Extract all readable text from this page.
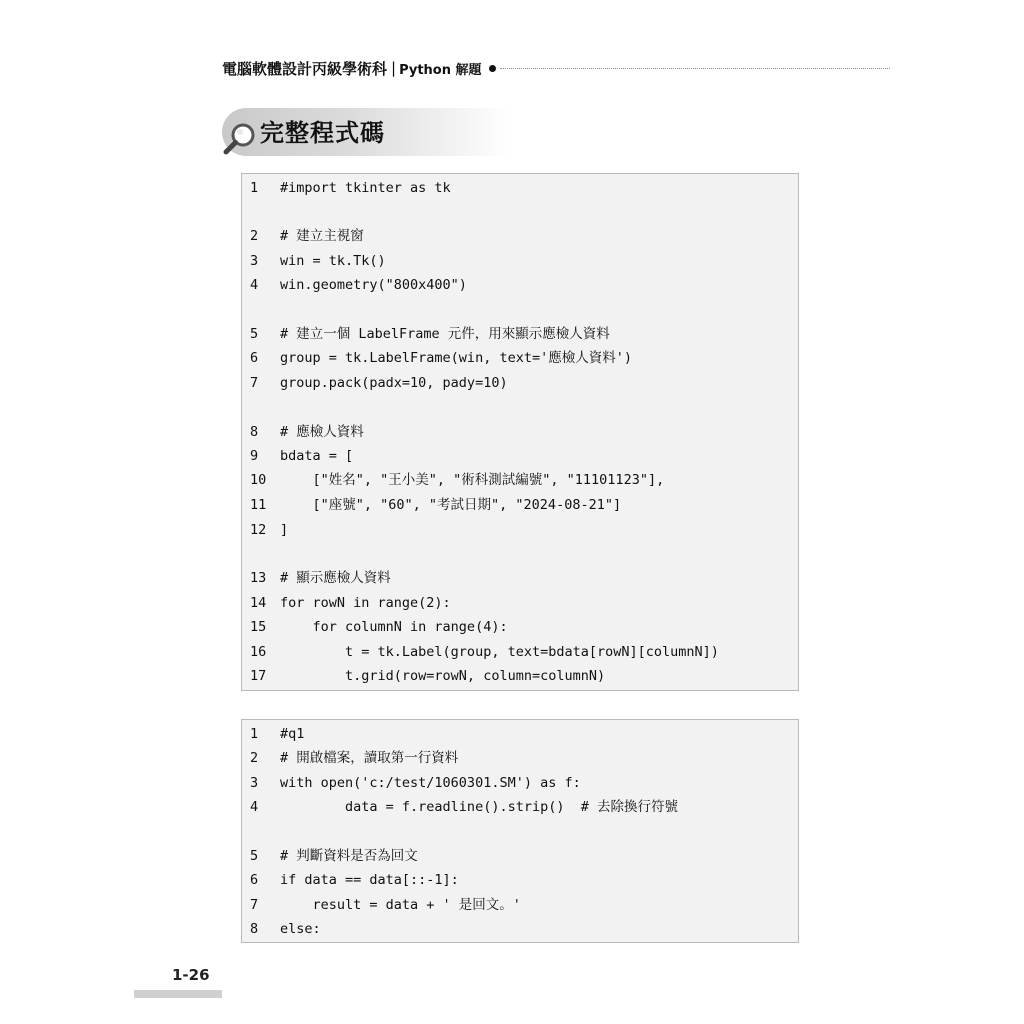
電腦軟體設計丙級學術科 | Python 解題
完整程式碼
1	#import tkinter as tk
2	# 建立主視窗
3	win = tk.Tk()
4	win.geometry("800x400")
5	# 建立一個 LabelFrame 元件，用來顯示應檢人資料
6	group = tk.LabelFrame(win, text='應檢人資料')
7	group.pack(padx=10, pady=10)
8	# 應檢人資料
9	bdata = [
10	["姓名", "王小美", "術科測試編號", "11101123"],
11	["座號", "60", "考試日期", "2024-08-21"]
12	]
13	# 顯示應檢人資料
14	for rowN in range(2):
15	for columnN in range(4):
16	t = tk.Label(group, text=bdata[rowN][columnN])
17	t.grid(row=rowN, column=columnN)
1	#q1
2	# 開啟檔案，讀取第一行資料
3	with open('c:/test/1060301.SM') as f:
4	data = f.readline().strip()  # 去除換行符號
5	# 判斷資料是否為回文
6	if data == data[::-1]:
7	result = data + ' 是回文。'
8	else:
1-26
